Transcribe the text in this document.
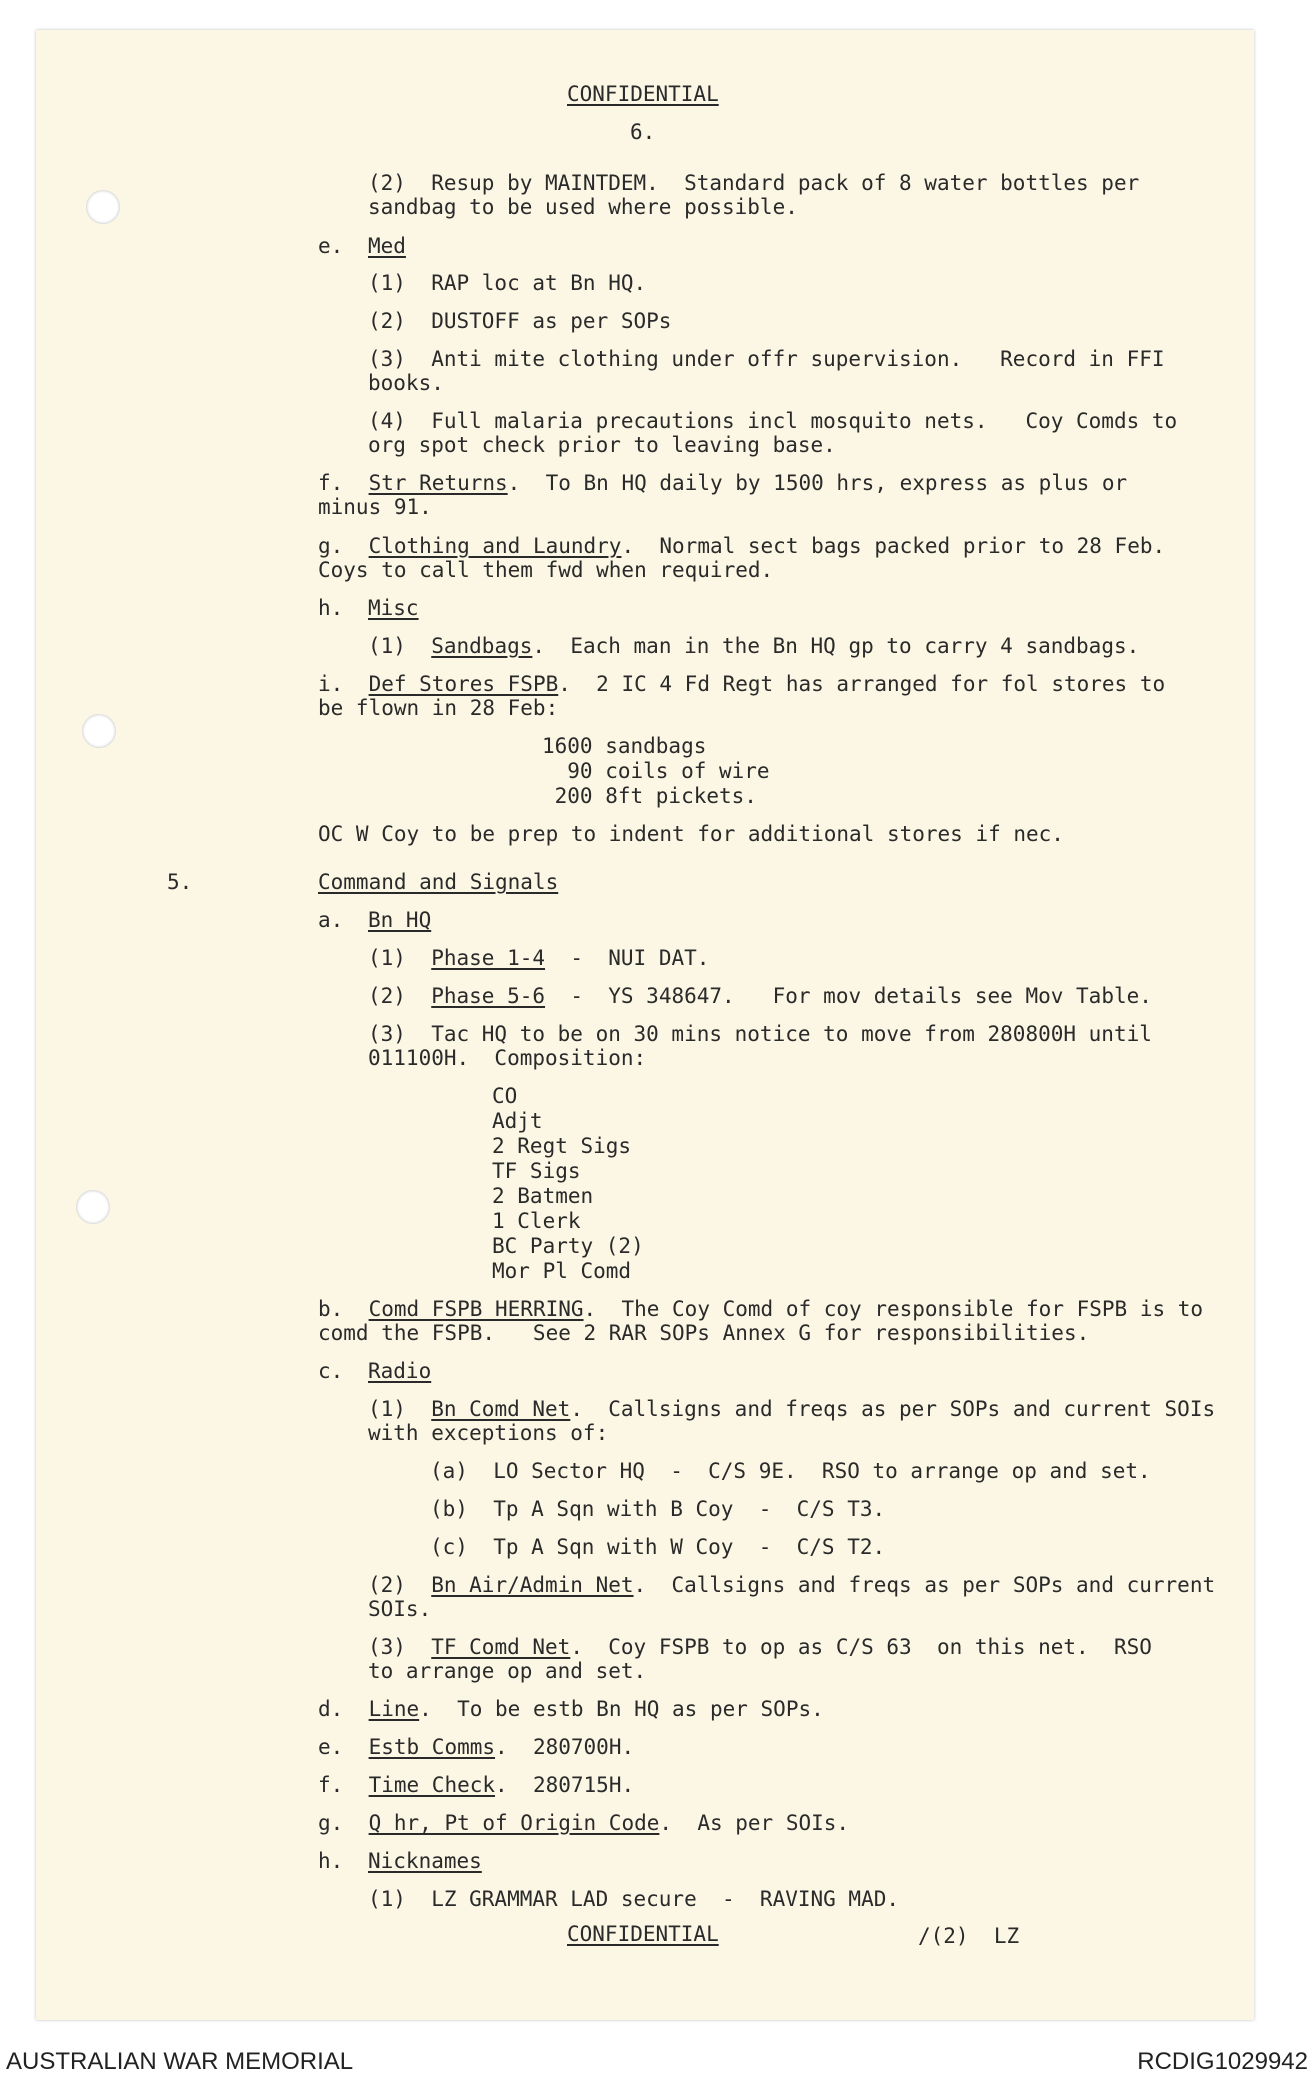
CONFIDENTIAL
6.
(2)  Resup by MAINTDEM.  Standard pack of 8 water bottles per
sandbag to be used where possible.
e. Med
(1)  RAP loc at Bn HQ.
(2)  DUSTOFF as per SOPs
(3)  Anti mite clothing under offr supervision.   Record in FFI
books.
(4)  Full malaria precautions incl mosquito nets.   Coy Comds to
org spot check prior to leaving base.
f. Str Returns.  To Bn HQ daily by 1500 hrs, express as plus or
minus 91.
g. Clothing and Laundry.  Normal sect bags packed prior to 28 Feb.
Coys to call them fwd when required.
h. Misc
(1) Sandbags.  Each man in the Bn HQ gp to carry 4 sandbags.
i. Def Stores FSPB.  2 IC 4 Fd Regt has arranged for fol stores to
be flown in 28 Feb:
1600 sandbags
90 coils of wire
200 8ft pickets.
OC W Coy to be prep to indent for additional stores if nec.
5.	Command and Signals
a. Bn HQ
(1) Phase 1-4  -  NUI DAT.
(2) Phase 5-6  -  YS 348647.   For mov details see Mov Table.
(3)  Tac HQ to be on 30 mins notice to move from 280800H until
011100H.  Composition:
CO
Adjt
2 Regt Sigs
TF Sigs
2 Batmen
1 Clerk
BC Party (2)
Mor Pl Comd
b. Comd FSPB HERRING.  The Coy Comd of coy responsible for FSPB is to
comd the FSPB.   See 2 RAR SOPs Annex G for responsibilities.
c. Radio
(1) Bn Comd Net.  Callsigns and freqs as per SOPs and current SOIs
with exceptions of:
(a)  LO Sector HQ  -  C/S 9E.  RSO to arrange op and set.
(b)  Tp A Sqn with B Coy  -  C/S T3.
(c)  Tp A Sqn with W Coy  -  C/S T2.
(2) Bn Air/Admin Net.  Callsigns and freqs as per SOPs and current
SOIs.
(3) TF Comd Net.  Coy FSPB to op as C/S 63  on this net.  RSO
to arrange op and set.
d. Line.  To be estb Bn HQ as per SOPs.
e. Estb Comms.  280700H.
f. Time Check.  280715H.
g. Q hr, Pt of Origin Code.  As per SOIs.
h. Nicknames
(1)  LZ GRAMMAR LAD secure  -  RAVING MAD.
CONFIDENTIAL	/(2)  LZ
AUSTRALIAN WAR MEMORIAL	RCDIG1029942
